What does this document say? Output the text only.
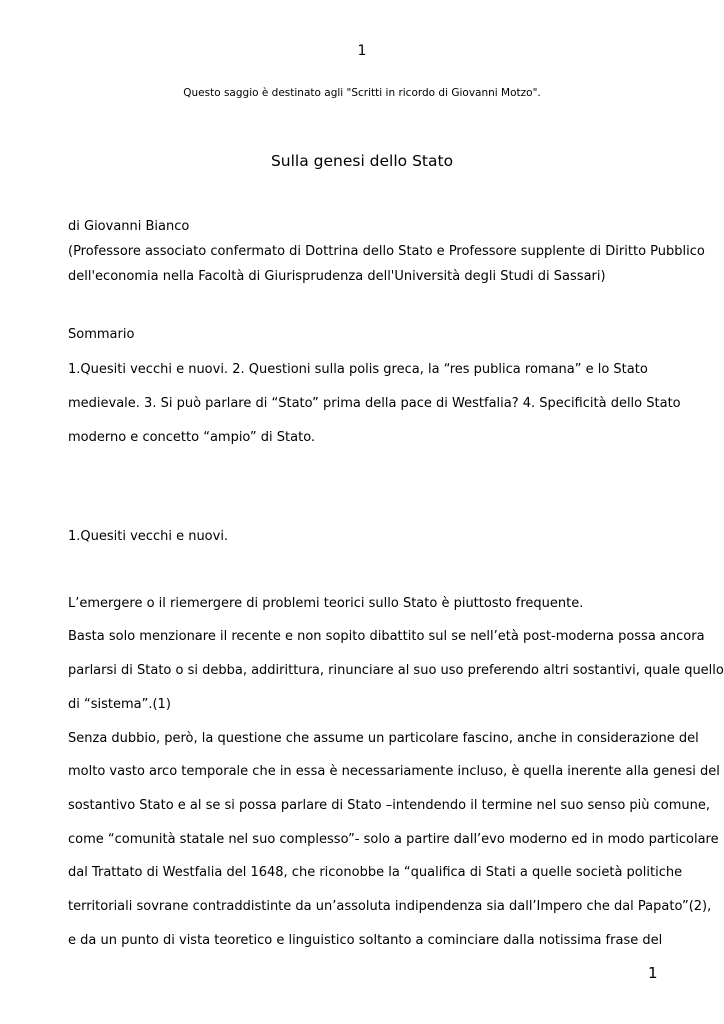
1
Questo saggio è destinato agli "Scritti in ricordo di Giovanni Motzo".
Sulla genesi dello Stato
di Giovanni Bianco
(Professore associato confermato di Dottrina dello Stato e Professore supplente di Diritto Pubblico
dell'economia nella Facoltà di Giurisprudenza dell'Università degli Studi di Sassari)
Sommario
1.Quesiti vecchi e nuovi. 2. Questioni sulla polis greca, la “res publica romana” e lo Stato
medievale. 3. Si può parlare di “Stato” prima della pace di Westfalia? 4. Specificità dello Stato
moderno e concetto “ampio” di Stato.
1.Quesiti vecchi e nuovi.
L’emergere o il riemergere di problemi teorici sullo Stato è piuttosto frequente.
Basta solo menzionare il recente e non sopito dibattito sul se nell’età post-moderna possa ancora
parlarsi di Stato o si debba, addirittura, rinunciare al suo uso preferendo altri sostantivi, quale quello
di “sistema”.(1)
Senza dubbio, però, la questione che assume un particolare fascino, anche in considerazione del
molto vasto arco temporale che in essa è necessariamente incluso, è quella inerente alla genesi del
sostantivo Stato e al se si possa parlare di Stato –intendendo il termine nel suo senso più comune,
come “comunità statale nel suo complesso”- solo a partire dall’evo moderno ed in modo particolare
dal Trattato di Westfalia del 1648, che riconobbe la “qualifica di Stati a quelle società politiche
territoriali sovrane contraddistinte da un’assoluta indipendenza sia dall’Impero che dal Papato”(2),
e da un punto di vista teoretico e linguistico soltanto a cominciare dalla notissima frase del
1
